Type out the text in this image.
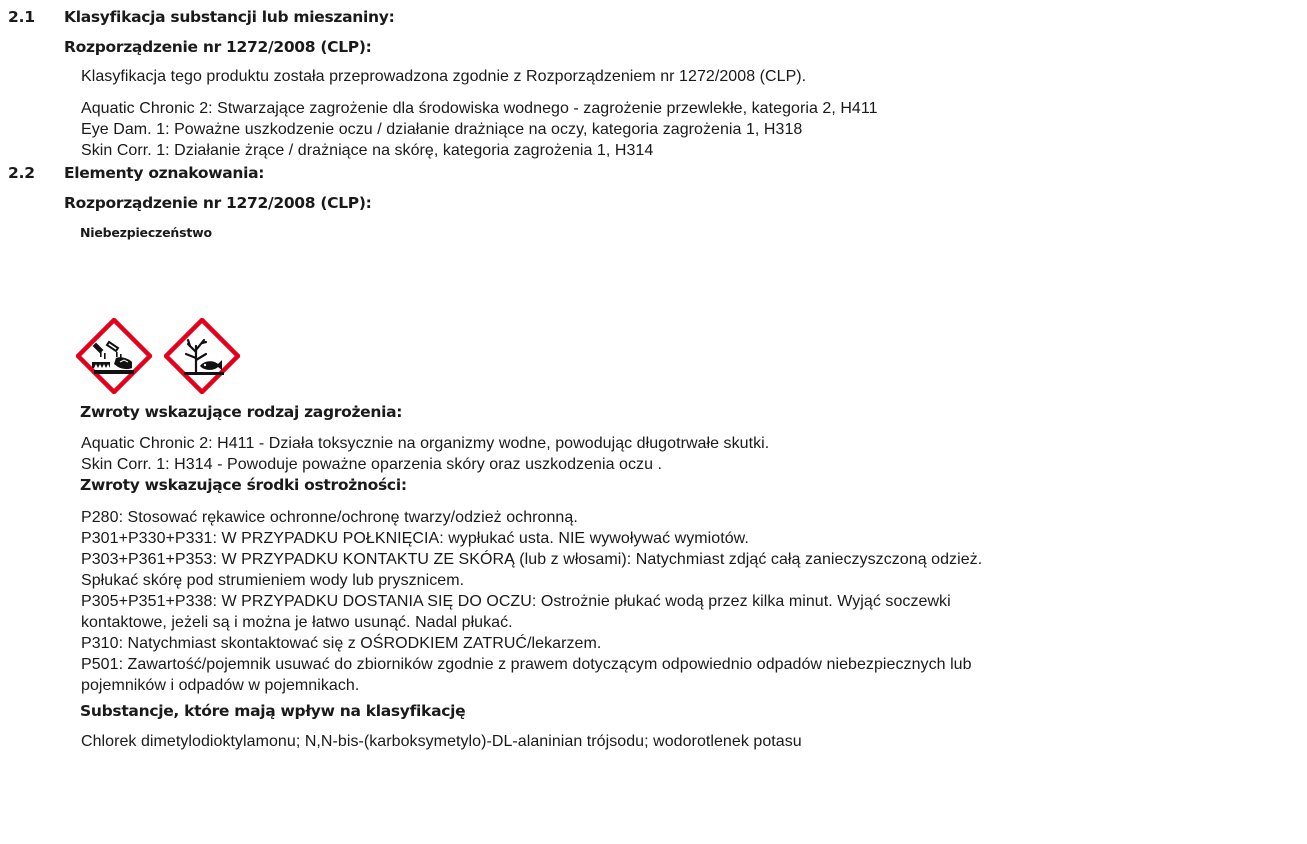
2.1 Klasyfikacja substancji lub mieszaniny:
Rozporządzenie nr 1272/2008 (CLP):
Klasyfikacja tego produktu została przeprowadzona zgodnie z Rozporządzeniem nr 1272/2008 (CLP).
Aquatic Chronic 2: Stwarzające zagrożenie dla środowiska wodnego - zagrożenie przewlekłe, kategoria 2, H411
Eye Dam. 1: Poważne uszkodzenie oczu / działanie drażniące na oczy, kategoria zagrożenia 1, H318
Skin Corr. 1: Działanie żrące / drażniące na skórę, kategoria zagrożenia 1, H314
2.2 Elementy oznakowania:
Rozporządzenie nr 1272/2008 (CLP):
Niebezpieczeństwo
Zwroty wskazujące rodzaj zagrożenia:
Aquatic Chronic 2: H411 - Działa toksycznie na organizmy wodne, powodując długotrwałe skutki.
Skin Corr. 1: H314 - Powoduje poważne oparzenia skóry oraz uszkodzenia oczu .
Zwroty wskazujące środki ostrożności:
P280: Stosować rękawice ochronne/ochronę twarzy/odzież ochronną.
P301+P330+P331: W PRZYPADKU POŁKNIĘCIA: wypłukać usta. NIE wywoływać wymiotów.
P303+P361+P353: W PRZYPADKU KONTAKTU ZE SKÓRĄ (lub z włosami): Natychmiast zdjąć całą zanieczyszczoną odzież.
Spłukać skórę pod strumieniem wody lub prysznicem.
P305+P351+P338: W PRZYPADKU DOSTANIA SIĘ DO OCZU: Ostrożnie płukać wodą przez kilka minut. Wyjąć soczewki
kontaktowe, jeżeli są i można je łatwo usunąć. Nadal płukać.
P310: Natychmiast skontaktować się z OŚRODKIEM ZATRUĆ/lekarzem.
P501: Zawartość/pojemnik usuwać do zbiorników zgodnie z prawem dotyczącym odpowiednio odpadów niebezpiecznych lub
pojemników i odpadów w pojemnikach.
Substancje, które mają wpływ na klasyfikację
Chlorek dimetylodioktylamonu; N,N-bis-(karboksymetylo)-DL-alaninian trójsodu; wodorotlenek potasu
